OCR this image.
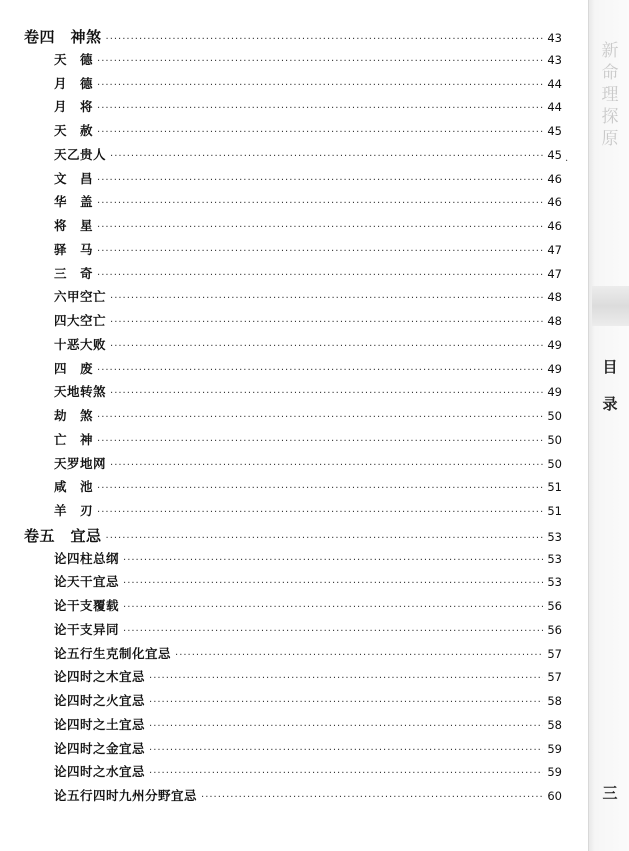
卷四　神煞 ·····	43
天　德 ·····	43
月　德 ·····	44
月　将 ·····	44
天　赦 ·····	45
天乙贵人 ·····	45
文　昌 ·····	46
华　盖 ·····	46
将　星 ·····	46
驿　马 ·····	47
三　奇 ·····	47
六甲空亡 ·····	48
四大空亡 ·····	48
十恶大败 ·····	49
四　废 ·····	49
天地转煞 ·····	49
劫　煞 ·····	50
亡　神 ·····	50
天罗地网 ·····	50
咸　池 ·····	51
羊　刃 ·····	51
卷五　宜忌 ·····	53
论四柱总纲 ·····	53
论天干宜忌 ·····	53
论干支覆载 ·····	56
论干支异同 ·····	56
论五行生克制化宜忌 ·····	57
论四时之木宜忌 ·····	57
论四时之火宜忌 ·····	58
论四时之土宜忌 ·····	58
论四时之金宜忌 ·····	59
论四时之水宜忌 ·····	59
论五行四时九州分野宜忌 ·····	60
.
新
命
理
探
原
目
录
三
